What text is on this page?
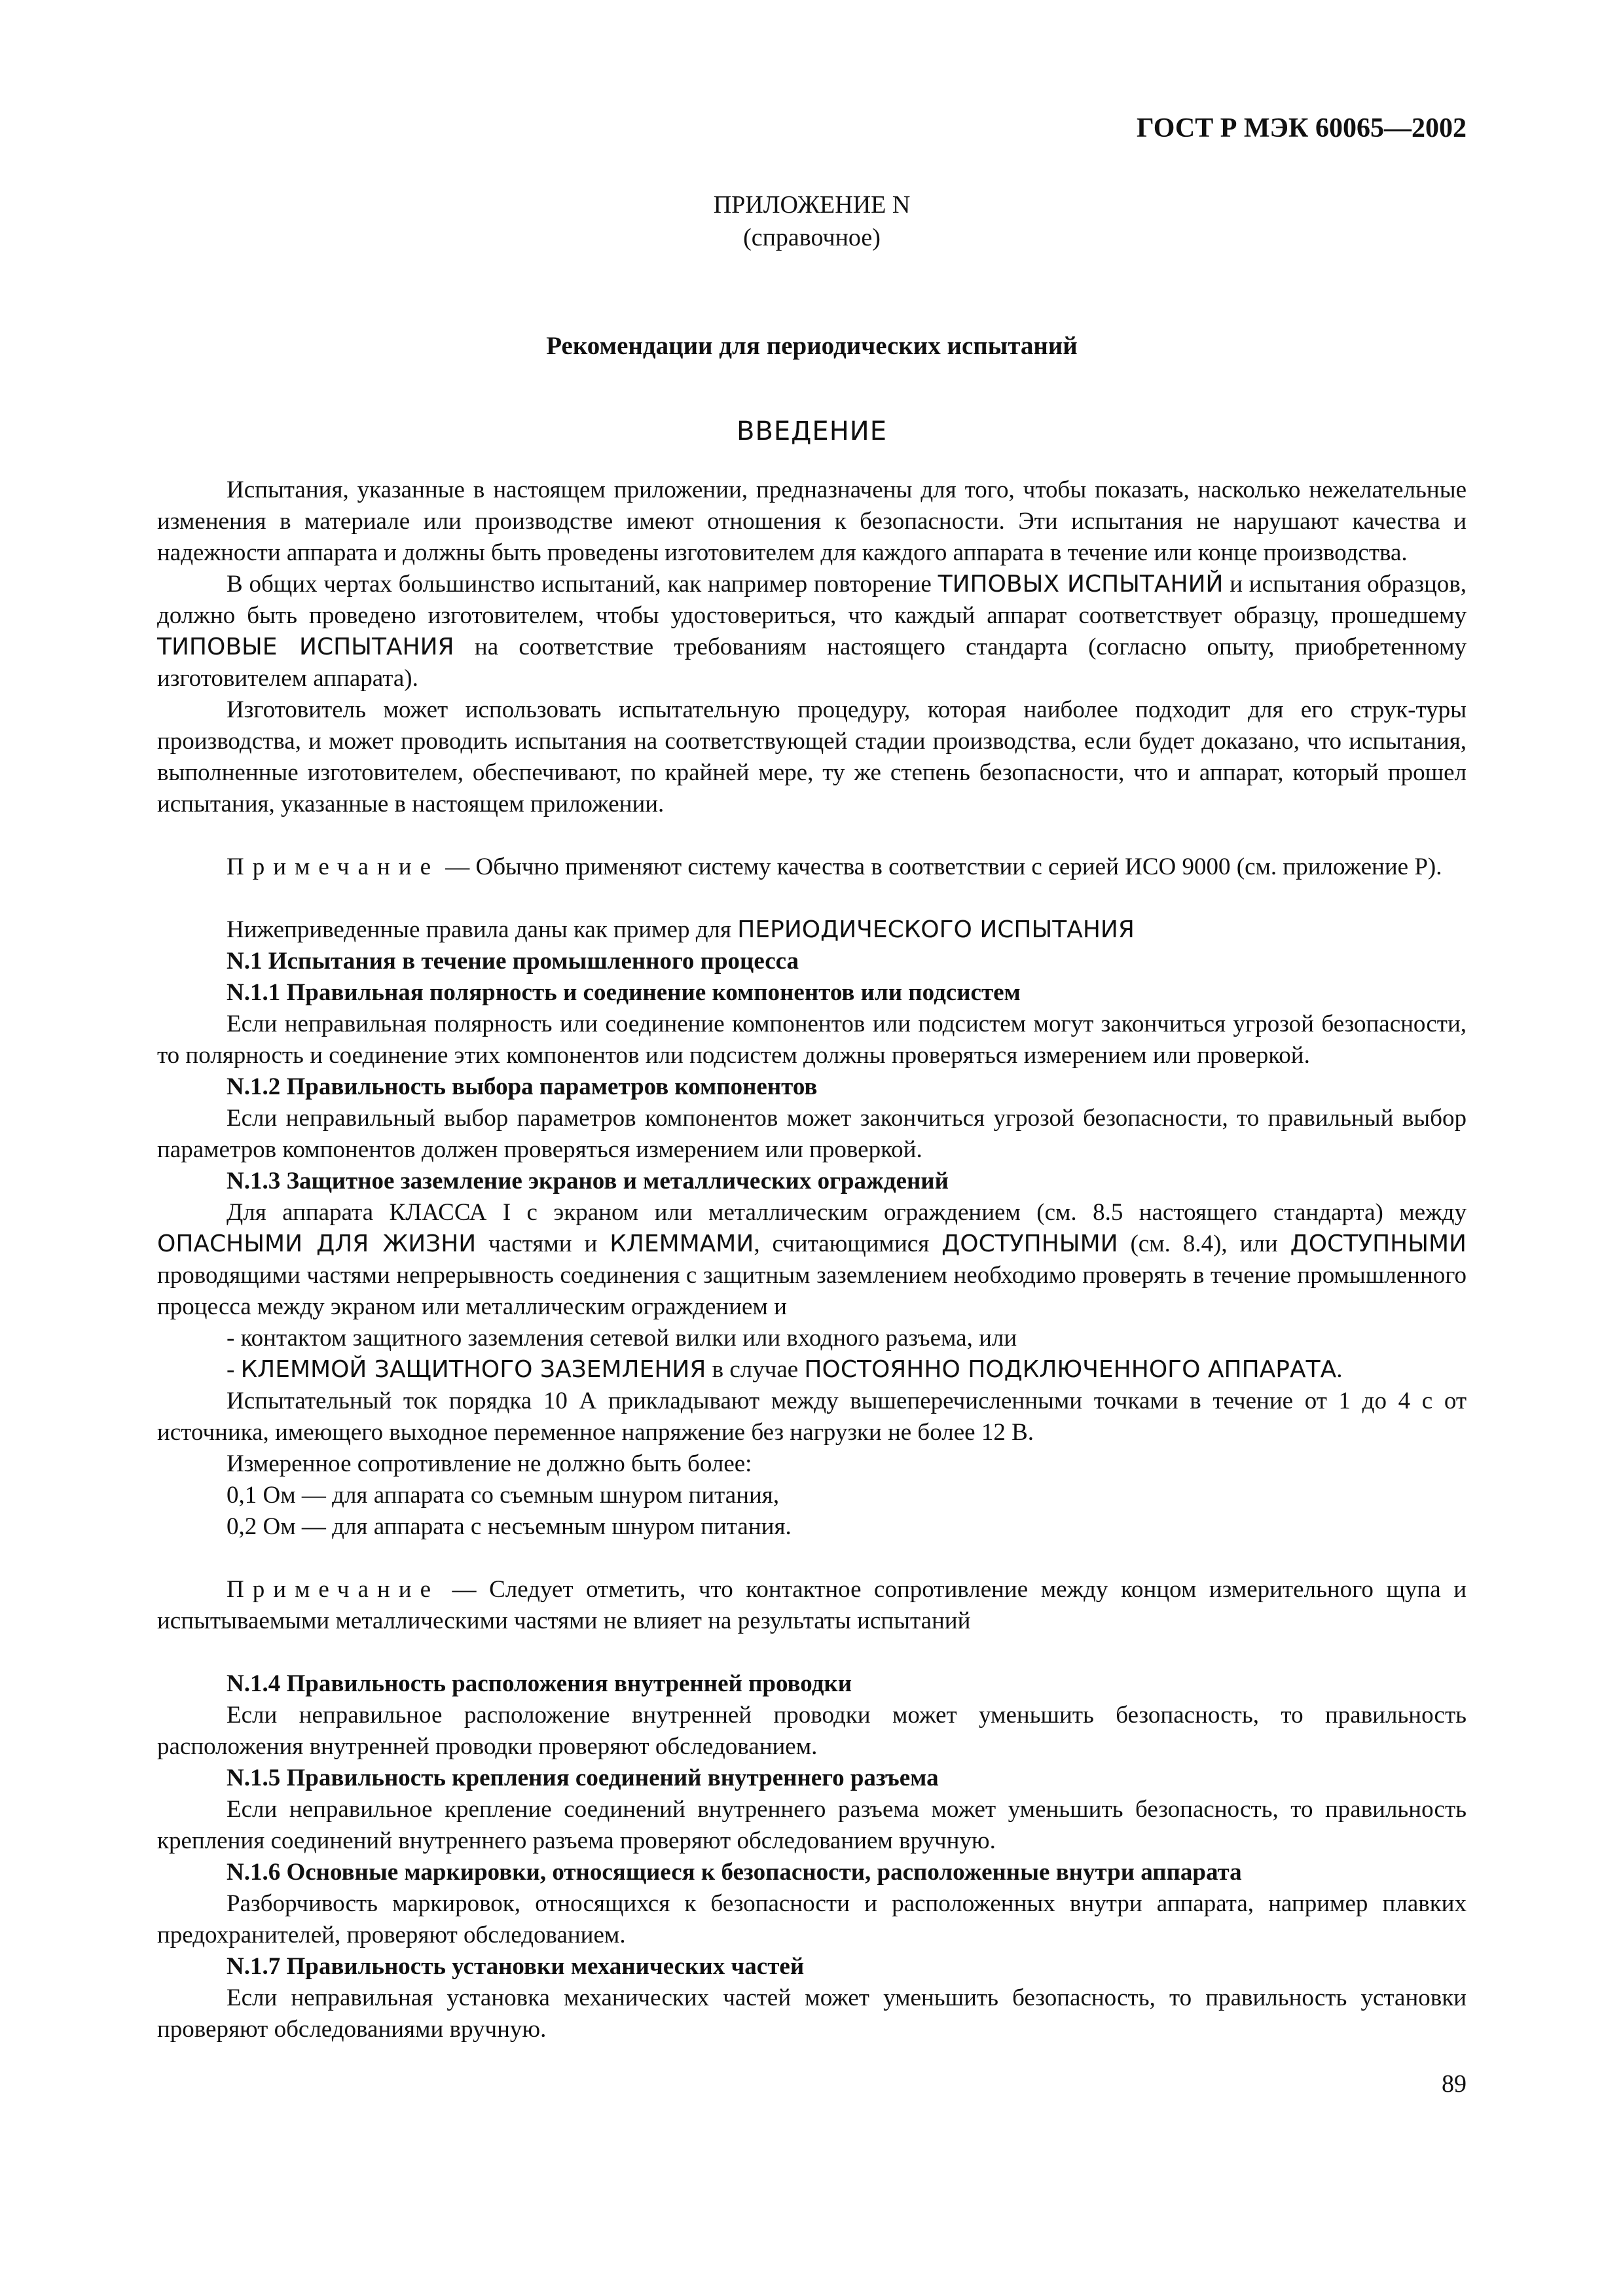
ГОСТ Р МЭК 60065—2002
ПРИЛОЖЕНИЕ N
(справочное)
Рекомендации для периодических испытаний
ВВЕДЕНИЕ

Испытания, указанные в настоящем приложении, предназначены для того, чтобы показать, насколько нежелательные изменения в материале или производстве имеют отношения к безопасности. Эти испытания не нарушают качества и надежности аппарата и должны быть проведены изготовителем для каждого аппарата в течение или конце производства.

В общих чертах большинство испытаний, как например повторение ТИПОВЫХ ИСПЫТАНИЙ и испытания образцов, должно быть проведено изготовителем, чтобы удостовериться, что каждый аппарат соответствует образцу, прошедшему ТИПОВЫЕ ИСПЫТАНИЯ на соответствие требованиям настоящего стандарта (согласно опыту, приобретенному изготовителем аппарата).

Изготовитель может использовать испытательную процедуру, которая наиболее подходит для его струк-туры производства, и может проводить испытания на соответствующей стадии производства, если будет доказано, что испытания, выполненные изготовителем, обеспечивают, по крайней мере, ту же степень безопасности, что и аппарат, который прошел испытания, указанные в настоящем приложении.

Примечание — Обычно применяют систему качества в соответствии с серией ИСО 9000 (см. приложение Р).

Нижеприведенные правила даны как пример для ПЕРИОДИЧЕСКОГО ИСПЫТАНИЯ

N.1 Испытания в течение промышленного процесса

N.1.1 Правильная полярность и соединение компонентов или подсистем

Если неправильная полярность или соединение компонентов или подсистем могут закончиться угрозой безопасности, то полярность и соединение этих компонентов или подсистем должны проверяться измерением или проверкой.

N.1.2 Правильность выбора параметров компонентов

Если неправильный выбор параметров компонентов может закончиться угрозой безопасности, то правильный выбор параметров компонентов должен проверяться измерением или проверкой.

N.1.3 Защитное заземление экранов и металлических ограждений

Для аппарата КЛАССА I с экраном или металлическим ограждением (см. 8.5 настоящего стандарта) между ОПАСНЫМИ ДЛЯ ЖИЗНИ частями и КЛЕММАМИ, считающимися ДОСТУПНЫМИ (см. 8.4), или ДОСТУПНЫМИ проводящими частями непрерывность соединения с защитным заземлением необходимо проверять в течение промышленного процесса между экраном или металлическим ограждением и

- контактом защитного заземления сетевой вилки или входного разъема, или

- КЛЕММОЙ ЗАЩИТНОГО ЗАЗЕМЛЕНИЯ в случае ПОСТОЯННО ПОДКЛЮЧЕННОГО АППАРАТА.

Испытательный ток порядка 10 А прикладывают между вышеперечисленными точками в течение от 1 до 4 с от источника, имеющего выходное переменное напряжение без нагрузки не более 12 В.

Измеренное сопротивление не должно быть более:

0,1 Ом — для аппарата со съемным шнуром питания,

0,2 Ом — для аппарата с несъемным шнуром питания.

Примечание — Следует отметить, что контактное сопротивление между концом измерительного щупа и испытываемыми металлическими частями не влияет на результаты испытаний

N.1.4 Правильность расположения внутренней проводки

Если неправильное расположение внутренней проводки может уменьшить безопасность, то правильность расположения внутренней проводки проверяют обследованием.

N.1.5 Правильность крепления соединений внутреннего разъема

Если неправильное крепление соединений внутреннего разъема может уменьшить безопасность, то правильность крепления соединений внутреннего разъема проверяют обследованием вручную.

N.1.6 Основные маркировки, относящиеся к безопасности, расположенные внутри аппарата

Разборчивость маркировок, относящихся к безопасности и расположенных внутри аппарата, например плавких предохранителей, проверяют обследованием.

N.1.7 Правильность установки механических частей

Если неправильная установка механических частей может уменьшить безопасность, то правильность установки проверяют обследованиями вручную.

89
